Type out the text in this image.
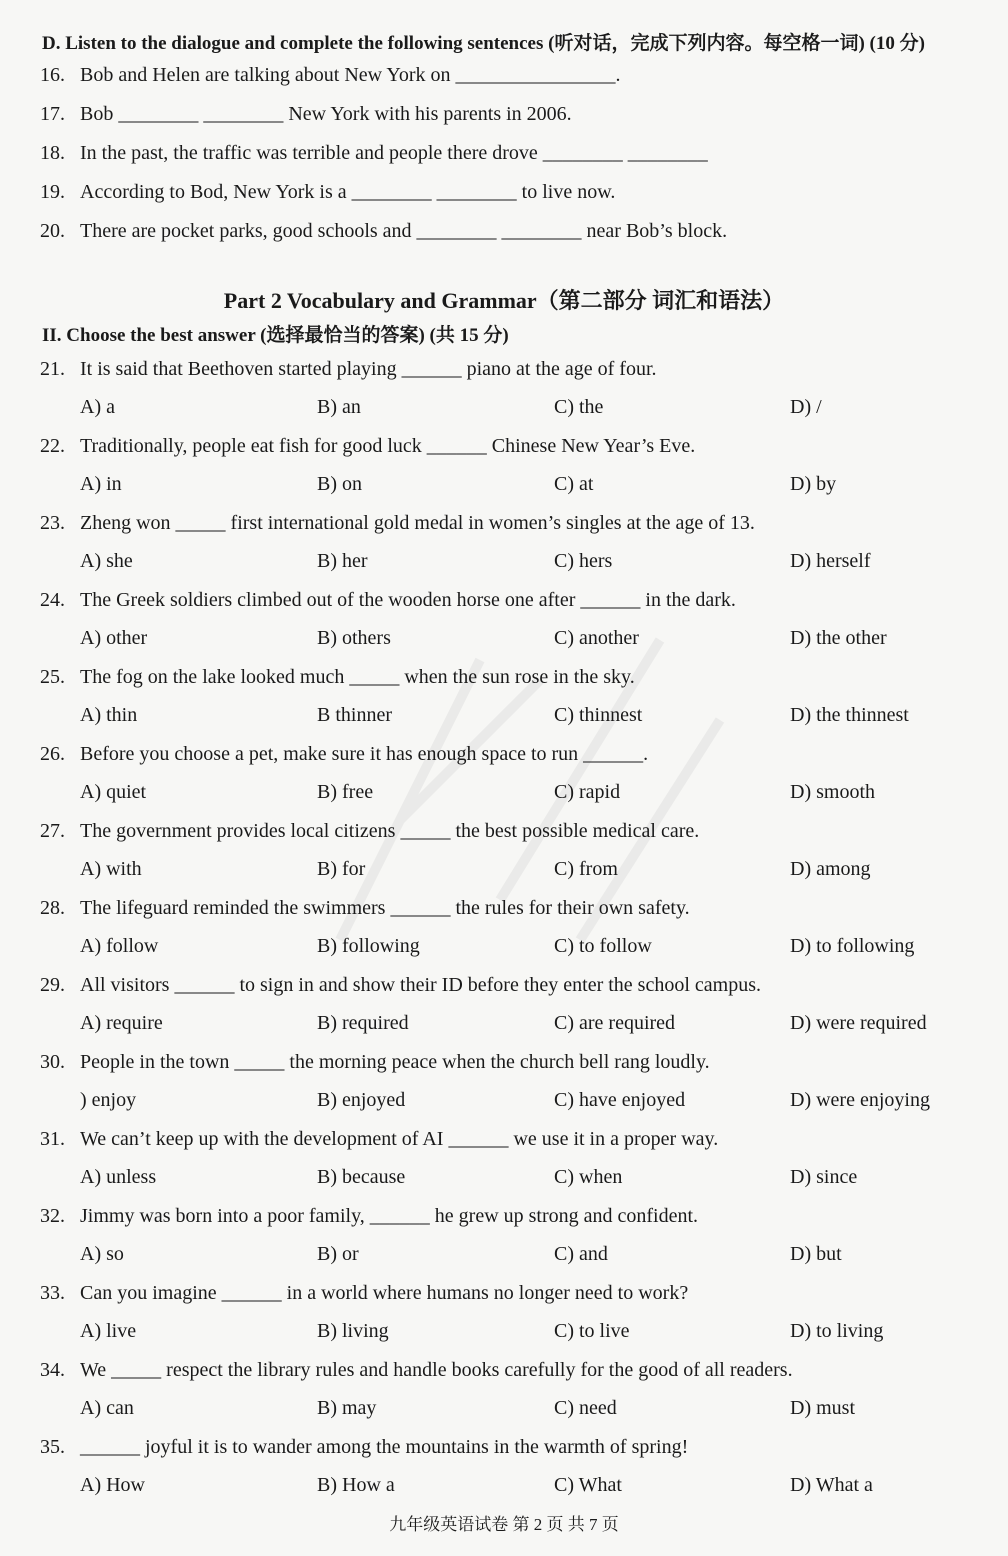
D. Listen to the dialogue and complete the following sentences (听对话，完成下列内容。每空格一词) (10 分)
16. Bob and Helen are talking about New York on ________________.
17. Bob ________ ________ New York with his parents in 2006.
18. In the past, the traffic was terrible and people there drove ________ ________
19. According to Bod, New York is a ________ ________ to live now.
20. There are pocket parks, good schools and ________ ________ near Bob’s block.
Part 2 Vocabulary and Grammar（第二部分 词汇和语法）
II. Choose the best answer (选择最恰当的答案) (共 15 分)
21. It is said that Beethoven started playing ______ piano at the age of four.
A) a	B) an	C) the	D) /
22. Traditionally, people eat fish for good luck ______ Chinese New Year’s Eve.
A) in	B) on	C) at	D) by
23. Zheng won _____ first international gold medal in women’s singles at the age of 13.
A) she	B) her	C) hers	D) herself
24. The Greek soldiers climbed out of the wooden horse one after ______ in the dark.
A) other	B) others	C) another	D) the other
25. The fog on the lake looked much _____ when the sun rose in the sky.
A) thin	B thinner	C) thinnest	D) the thinnest
26. Before you choose a pet, make sure it has enough space to run ______.
A) quiet	B) free	C) rapid	D) smooth
27. The government provides local citizens _____ the best possible medical care.
A) with	B) for	C) from	D) among
28. The lifeguard reminded the swimmers ______ the rules for their own safety.
A) follow	B) following	C) to follow	D) to following
29. All visitors ______ to sign in and show their ID before they enter the school campus.
A) require	B) required	C) are required	D) were required
30. People in the town _____ the morning peace when the church bell rang loudly.
) enjoy	B) enjoyed	C) have enjoyed	D) were enjoying
31. We can’t keep up with the development of AI ______ we use it in a proper way.
A) unless	B) because	C) when	D) since
32. Jimmy was born into a poor family, ______ he grew up strong and confident.
A) so	B) or	C) and	D) but
33. Can you imagine ______ in a world where humans no longer need to work?
A) live	B) living	C) to live	D) to living
34. We _____ respect the library rules and handle books carefully for the good of all readers.
A) can	B) may	C) need	D) must
35. ______ joyful it is to wander among the mountains in the warmth of spring!
A) How	B) How a	C) What	D) What a
九年级英语试卷 第 2 页 共 7 页
